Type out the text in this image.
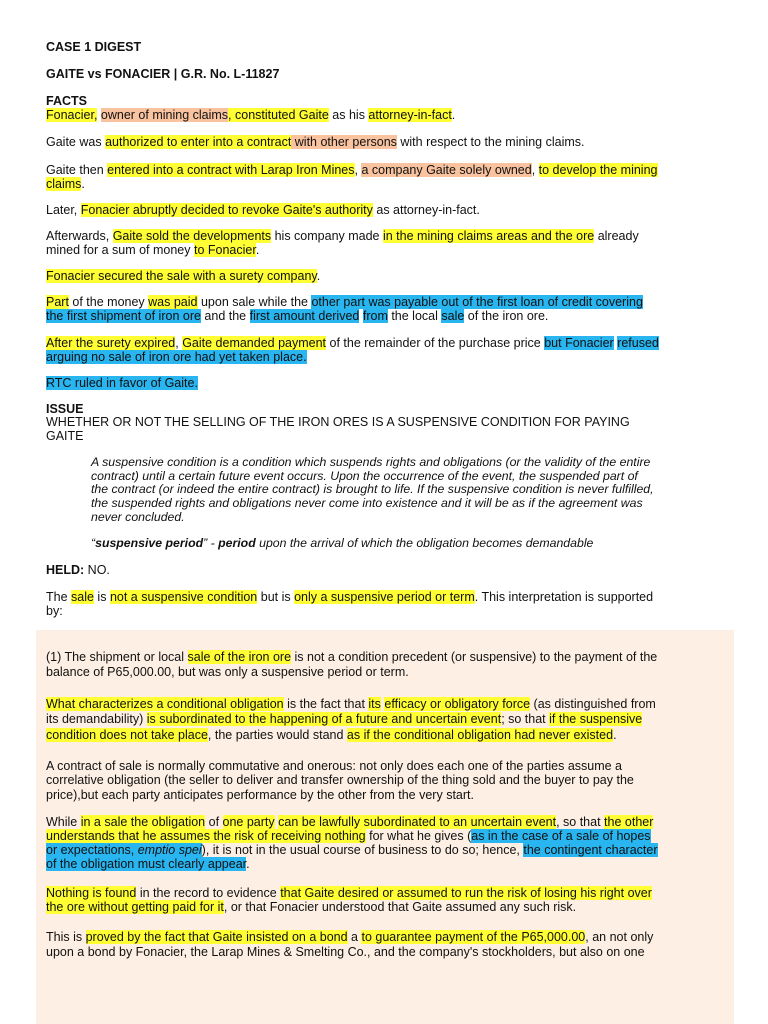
CASE 1 DIGEST
GAITE vs FONACIER | G.R. No. L-11827
FACTS
Fonacier, owner of mining claims, constituted Gaite as his attorney-in-fact.
Gaite was authorized to enter into a contract with other persons with respect to the mining claims.
Gaite then entered into a contract with Larap Iron Mines, a company Gaite solely owned, to develop the mining
claims.
Later, Fonacier abruptly decided to revoke Gaite's authority as attorney-in-fact.
Afterwards, Gaite sold the developments his company made in the mining claims areas and the ore already
mined for a sum of money to Fonacier.
Fonacier secured the sale with a surety company.
Part of the money was paid upon sale while the other part was payable out of the first loan of credit covering
the first shipment of iron ore and the first amount derived from the local sale of the iron ore.
After the surety expired, Gaite demanded payment of the remainder of the purchase price but Fonacier refused
arguing no sale of iron ore had yet taken place.
RTC ruled in favor of Gaite.
ISSUE
WHETHER OR NOT THE SELLING OF THE IRON ORES IS A SUSPENSIVE CONDITION FOR PAYING
GAITE
A suspensive condition is a condition which suspends rights and obligations (or the validity of the entire
contract) until a certain future event occurs. Upon the occurrence of the event, the suspended part of
the contract (or indeed the entire contract) is brought to life. If the suspensive condition is never fulfilled,
the suspended rights and obligations never come into existence and it will be as if the agreement was
never concluded.
“suspensive period” - period upon the arrival of which the obligation becomes demandable
HELD: NO.
The sale is not a suspensive condition but is only a suspensive period or term. This interpretation is supported
by:
(1) The shipment or local sale of the iron ore is not a condition precedent (or suspensive) to the payment of the
balance of P65,000.00, but was only a suspensive period or term.
What characterizes a conditional obligation is the fact that its efficacy or obligatory force (as distinguished from
its demandability) is subordinated to the happening of a future and uncertain event; so that if the suspensive
condition does not take place, the parties would stand as if the conditional obligation had never existed.
A contract of sale is normally commutative and onerous: not only does each one of the parties assume a
correlative obligation (the seller to deliver and transfer ownership of the thing sold and the buyer to pay the
price),but each party anticipates performance by the other from the very start.
While in a sale the obligation of one party can be lawfully subordinated to an uncertain event, so that the other
understands that he assumes the risk of receiving nothing for what he gives (as in the case of a sale of hopes
or expectations, emptio spei), it is not in the usual course of business to do so; hence, the contingent character
of the obligation must clearly appear.
Nothing is found in the record to evidence that Gaite desired or assumed to run the risk of losing his right over
the ore without getting paid for it, or that Fonacier understood that Gaite assumed any such risk.
This is proved by the fact that Gaite insisted on a bond a to guarantee payment of the P65,000.00, an not only
upon a bond by Fonacier, the Larap Mines & Smelting Co., and the company's stockholders, but also on one
